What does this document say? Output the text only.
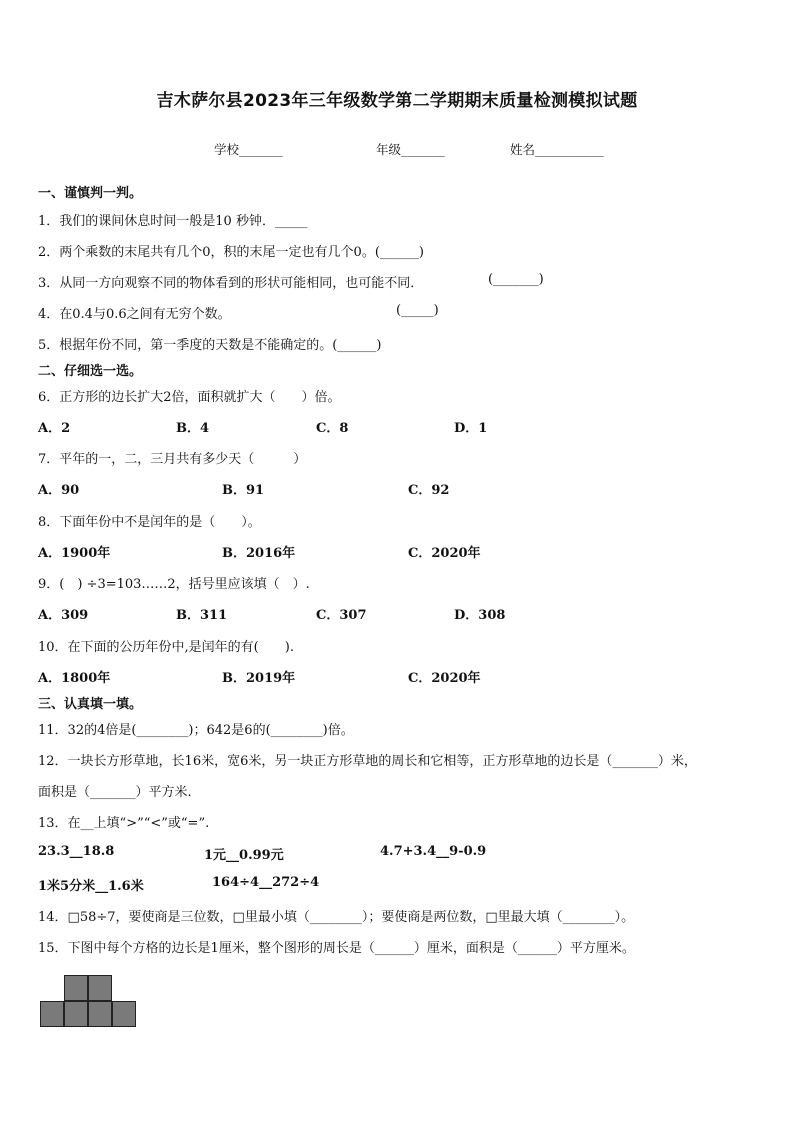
吉木萨尔县2023年三年级数学第二学期期末质量检测模拟试题
学校_______	年级_______	姓名___________
一、谨慎判一判。
1．我们的课间休息时间一般是10 秒钟．_____
2．两个乘数的末尾共有几个0，积的末尾一定也有几个0。(______)
3．从同一方向观察不同的物体看到的形状可能相同，也可能不同．	(_______)
4．在0.4与0.6之间有无穷个数。	(_____)
5．根据年份不同，第一季度的天数是不能确定的。(______)
二、仔细选一选。
6．正方形的边长扩大2倍，面积就扩大（　　）倍。
A．2	B．4	C．8	D．1
7．平年的一，二，三月共有多少天（　　　）
A．90	B．91	C．92
8．下面年份中不是闰年的是（　　）。
A．1900年	B．2016年	C．2020年
9．(　) ÷3=103……2，括号里应该填（　）.
A．309	B．311	C．307	D．308
10．在下面的公历年份中,是闰年的有(　　).
A．1800年	B．2019年	C．2020年
三、认真填一填。
11．32的4倍是(________)；642是6的(________)倍。
12．一块长方形草地，长16米，宽6米，另一块正方形草地的周长和它相等，正方形草地的边长是（_______）米，
面积是（_______）平方米.
13．在__上填“>”“<”或“=”.
23.3__18.8	1元__0.99元	4.7+3.4__9-0.9
1米5分米__1.6米	164÷4__272÷4
14．□58÷7，要使商是三位数，□里最小填（________）；要使商是两位数，□里最大填（________）。
15．下图中每个方格的边长是1厘米，整个图形的周长是（______）厘米，面积是（______）平方厘米。
